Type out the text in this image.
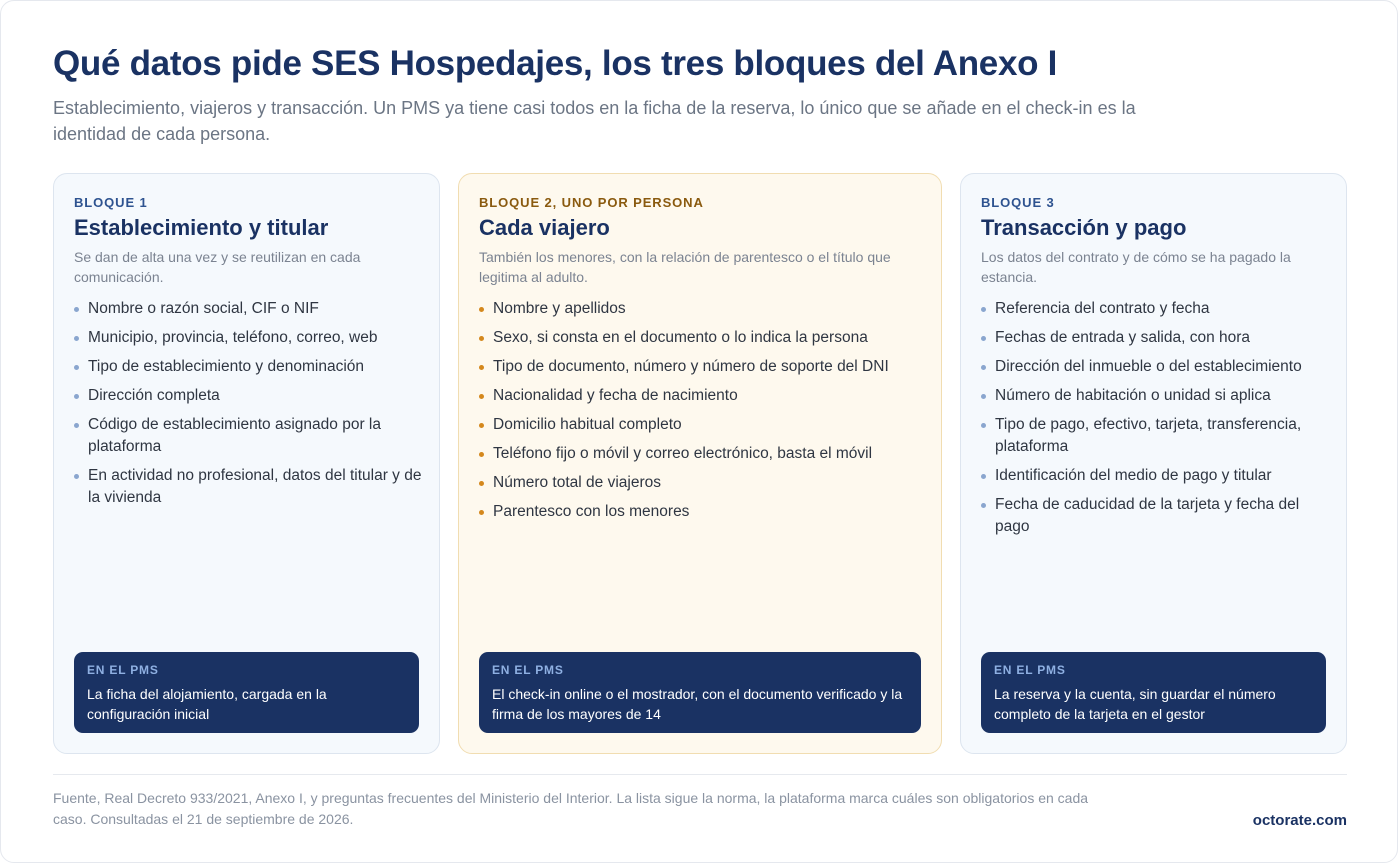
Qué datos pide SES Hospedajes, los tres bloques del Anexo I

Establecimiento, viajeros y transacción. Un PMS ya tiene casi todos en la ficha de la reserva, lo único que se añade en el check-in es la identidad de cada persona.

BLOQUE 1

Establecimiento y titular

Se dan de alta una vez y se reutilizan en cada comunicación.

Nombre o razón social, CIF o NIF
Municipio, provincia, teléfono, correo, web
Tipo de establecimiento y denominación
Dirección completa
Código de establecimiento asignado por la plataforma
En actividad no profesional, datos del titular y de la vivienda

EN EL PMS

La ficha del alojamiento, cargada en la configuración inicial

BLOQUE 2, UNO POR PERSONA

Cada viajero

También los menores, con la relación de parentesco o el título que legitima al adulto.

Nombre y apellidos
Sexo, si consta en el documento o lo indica la persona
Tipo de documento, número y número de soporte del DNI
Nacionalidad y fecha de nacimiento
Domicilio habitual completo
Teléfono fijo o móvil y correo electrónico, basta el móvil
Número total de viajeros
Parentesco con los menores

EN EL PMS

El check-in online o el mostrador, con el documento verificado y la firma de los mayores de 14

BLOQUE 3

Transacción y pago

Los datos del contrato y de cómo se ha pagado la estancia.

Referencia del contrato y fecha
Fechas de entrada y salida, con hora
Dirección del inmueble o del establecimiento
Número de habitación o unidad si aplica
Tipo de pago, efectivo, tarjeta, transferencia, plataforma
Identificación del medio de pago y titular
Fecha de caducidad de la tarjeta y fecha del pago

EN EL PMS

La reserva y la cuenta, sin guardar el número completo de la tarjeta en el gestor

Fuente, Real Decreto 933/2021, Anexo I, y preguntas frecuentes del Ministerio del Interior. La lista sigue la norma, la plataforma marca cuáles son obligatorios en cada caso. Consultadas el 21 de septiembre de 2026.	octorate.com
